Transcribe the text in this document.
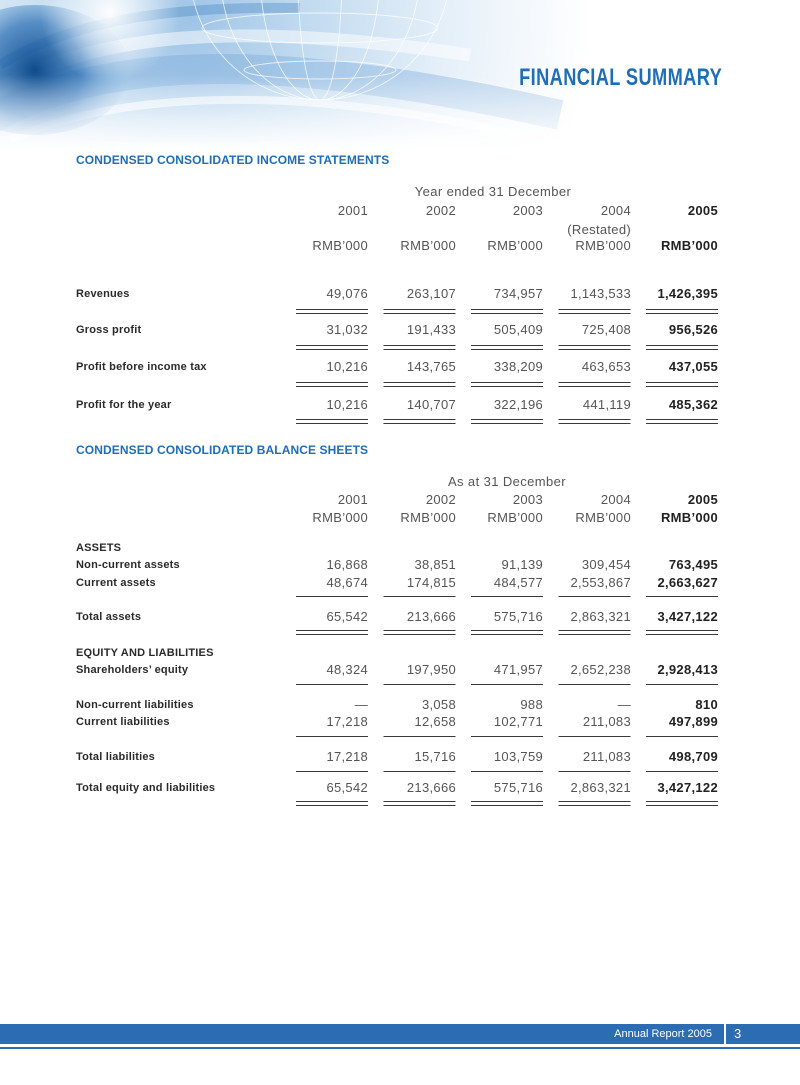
FINANCIAL SUMMARY
CONDENSED CONSOLIDATED INCOME STATEMENTS
Year ended 31 December
2001	2002	2003	2004	2005
(Restated)
RMB’000	RMB’000	RMB’000	RMB’000	RMB’000
Revenues	49,076	263,107	734,957	1,143,533	1,426,395
Gross profit	31,032	191,433	505,409	725,408	956,526
Profit before income tax	10,216	143,765	338,209	463,653	437,055
Profit for the year	10,216	140,707	322,196	441,119	485,362
CONDENSED CONSOLIDATED BALANCE SHEETS
As at 31 December
2001	2002	2003	2004	2005
RMB’000	RMB’000	RMB’000	RMB’000	RMB’000
ASSETS
Non-current assets	16,868	38,851	91,139	309,454	763,495
Current assets	48,674	174,815	484,577	2,553,867	2,663,627
Total assets	65,542	213,666	575,716	2,863,321	3,427,122
EQUITY AND LIABILITIES
Shareholders’ equity	48,324	197,950	471,957	2,652,238	2,928,413
Non-current liabilities	—	3,058	988	—	810
Current liabilities	17,218	12,658	102,771	211,083	497,899
Total liabilities	17,218	15,716	103,759	211,083	498,709
Total equity and liabilities	65,542	213,666	575,716	2,863,321	3,427,122
Annual Report 2005 3
